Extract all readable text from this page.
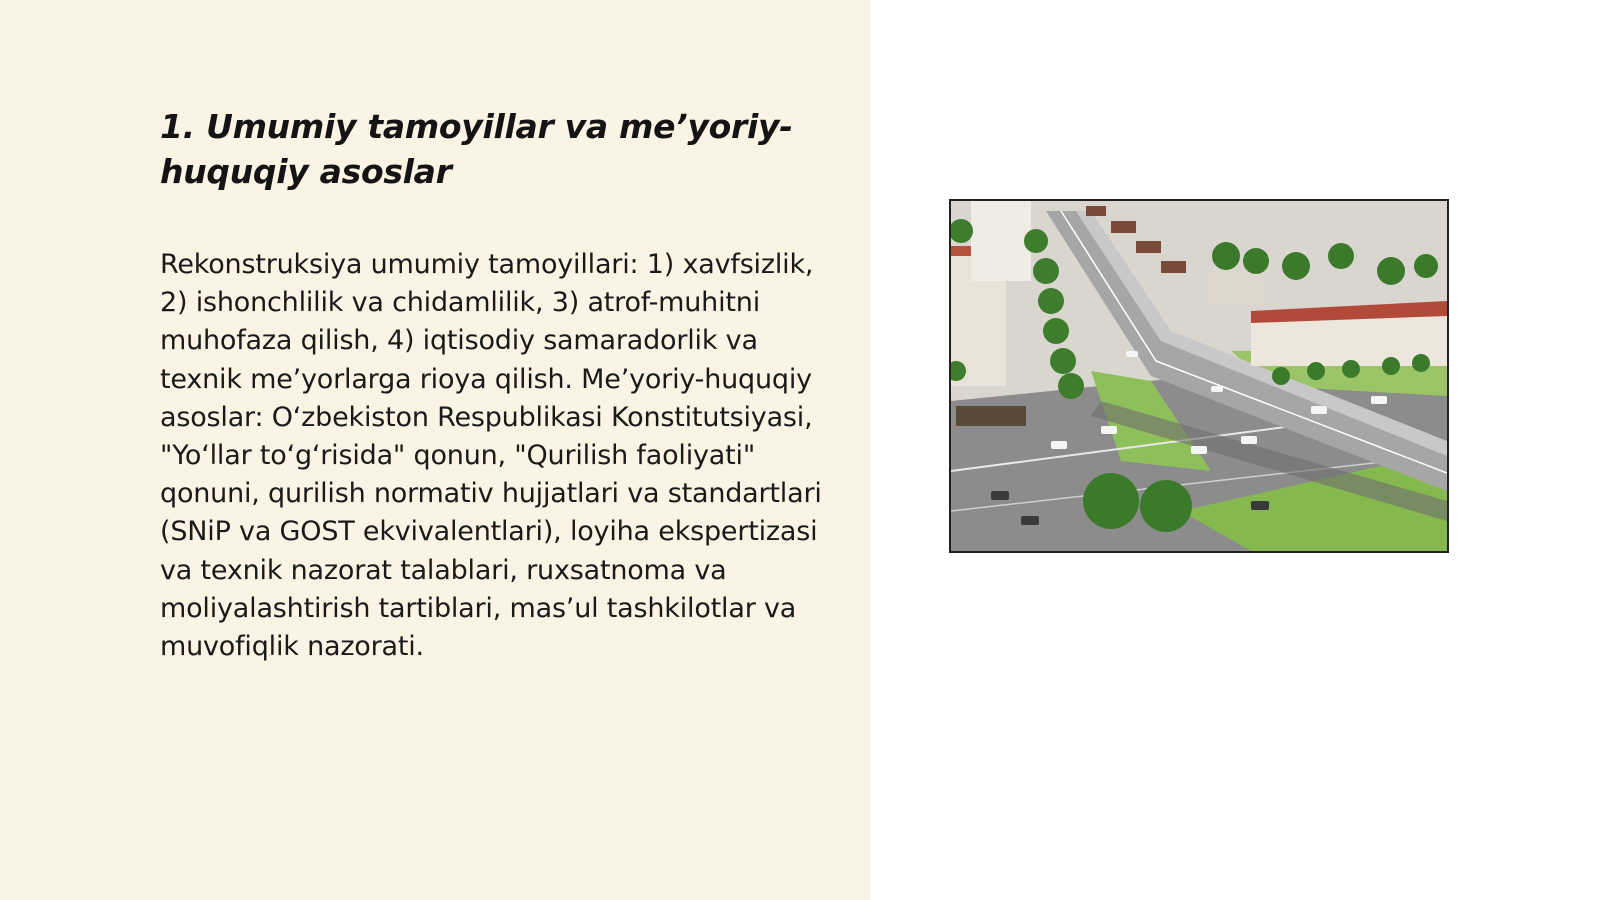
1. Umumiy tamoyillar va me’yoriy-huquqiy asoslar

Rekonstruksiya umumiy tamoyillari: 1) xavfsizlik, 2) ishonchlilik va chidamlilik, 3) atrof-muhitni muhofaza qilish, 4) iqtisodiy samaradorlik va texnik me’yorlarga rioya qilish. Me’yoriy-huquqiy asoslar: O‘zbekiston Respublikasi Konstitutsiyasi, "Yo‘llar to‘g‘risida" qonun, "Qurilish faoliyati" qonuni, qurilish normativ hujjatlari va standartlari (SNiP va GOST ekvivalentlari), loyiha ekspertizasi va texnik nazorat talablari, ruxsatnoma va moliyalashtirish tartiblari, mas’ul tashkilotlar va muvofiqlik nazorati.
